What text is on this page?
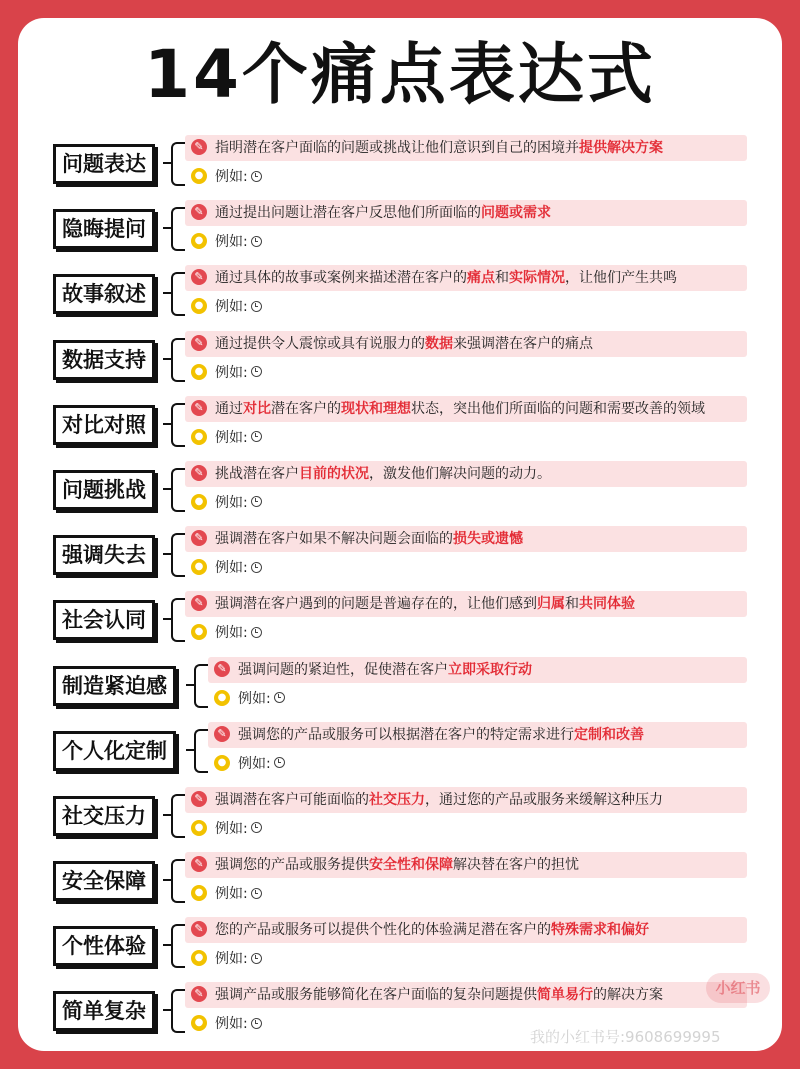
14个痛点表达式
问题表达
✎ 指明潜在客户面临的问题或挑战让他们意识到自己的困境并提供解决方案
● 例如:
隐晦提问
✎ 通过提出问题让潜在客户反思他们所面临的问题或需求
● 例如:
故事叙述
✎ 通过具体的故事或案例来描述潜在客户的痛点和实际情况，让他们产生共鸣
● 例如:
数据支持
✎ 通过提供令人震惊或具有说服力的数据来强调潜在客户的痛点
● 例如:
对比对照
✎ 通过对比潜在客户的现状和理想状态，突出他们所面临的问题和需要改善的领域
● 例如:
问题挑战
✎ 挑战潜在客户目前的状况，激发他们解决问题的动力。
● 例如:
强调失去
✎ 强调潜在客户如果不解决问题会面临的损失或遗憾
● 例如:
社会认同
✎ 强调潜在客户遇到的问题是普遍存在的，让他们感到归属和共同体验
● 例如:
制造紧迫感
✎ 强调问题的紧迫性，促使潜在客户立即采取行动
● 例如:
个人化定制
✎ 强调您的产品或服务可以根据潜在客户的特定需求进行定制和改善
● 例如:
社交压力
✎ 强调潜在客户可能面临的社交压力，通过您的产品或服务来缓解这种压力
● 例如:
安全保障
✎ 强调您的产品或服务提供安全性和保障解决替在客户的担忧
● 例如:
个性体验
✎ 您的产品或服务可以提供个性化的体验满足潜在客户的特殊需求和偏好
● 例如:
简单复杂
✎ 强调产品或服务能够简化在客户面临的复杂问题提供简单易行的解决方案
● 例如:
小红书
我的小红书号:9608699995
